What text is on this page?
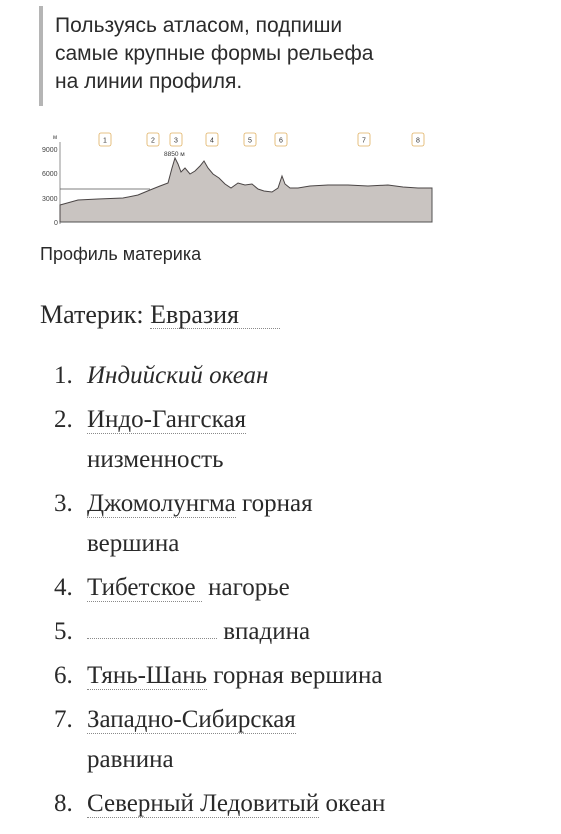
Пользуясь атласом, подпиши
самые крупные формы рельефа
на линии профиля.
м
9000
6000
3000
0
8850 м
1	2	3	4	5	6	7	8
Профиль материка
Материк: Евразия
1. Индийский океан
2. Индо-Гангская
низменность
3. Джомолунгма горная
вершина
4. Тибетское  нагорье
5.	впадина
6. Тянь-Шань горная вершина
7. Западно-Сибирская
равнина
8. Северный Ледовитый океан
